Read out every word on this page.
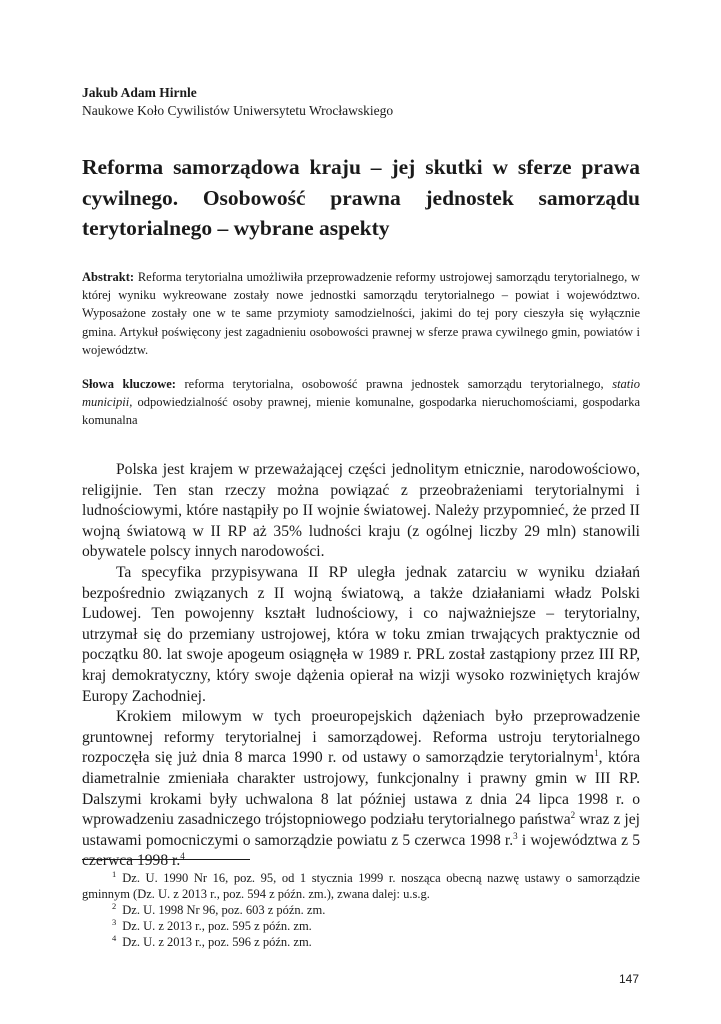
Jakub Adam Hirnle
Naukowe Koło Cywilistów Uniwersytetu Wrocławskiego
Reforma samorządowa kraju – jej skutki w sferze prawa cywilnego. Osobowość prawna jednostek samorządu terytorialnego – wybrane aspekty
Abstrakt: Reforma terytorialna umożliwiła przeprowadzenie reformy ustrojowej samorządu terytorialnego, w której wyniku wykreowane zostały nowe jednostki samorządu terytorialnego – powiat i województwo. Wyposażone zostały one w te same przymioty samodzielności, jakimi do tej pory cieszyła się wyłącznie gmina. Artykuł poświęcony jest zagadnieniu osobowości prawnej w sferze prawa cywilnego gmin, powiatów i województw.
Słowa kluczowe: reforma terytorialna, osobowość prawna jednostek samorządu terytorialnego, statio municipii, odpowiedzialność osoby prawnej, mienie komunalne, gospodarka nieruchomościami, gospodarka komunalna

Polska jest krajem w przeważającej części jednolitym etnicznie, narodowościowo, religijnie. Ten stan rzeczy można powiązać z przeobrażeniami terytorialnymi i ludnościowymi, które nastąpiły po II wojnie światowej. Należy przypomnieć, że przed II wojną światową w II RP aż 35% ludności kraju (z ogólnej liczby 29 mln) stanowili obywatele polscy innych narodowości.

Ta specyfika przypisywana II RP uległa jednak zatarciu w wyniku działań bezpośrednio związanych z II wojną światową, a także działaniami władz Polski Ludowej. Ten powojenny kształt ludnościowy, i co najważniejsze – terytorialny, utrzymał się do przemiany ustrojowej, która w toku zmian trwających praktycznie od początku 80. lat swoje apogeum osiągnęła w 1989 r. PRL został zastąpiony przez III RP, kraj demokratyczny, który swoje dążenia opierał na wizji wysoko rozwiniętych krajów Europy Zachodniej.

Krokiem milowym w tych proeuropejskich dążeniach było przeprowadzenie gruntownej reformy terytorialnej i samorządowej. Reforma ustroju terytorialnego rozpoczęła się już dnia 8 marca 1990 r. od ustawy o samorządzie terytorialnym$^1$, która diametralnie zmieniała charakter ustrojowy, funkcjonalny i prawny gmin w III RP. Dalszymi krokami były uchwalona 8 lat później ustawa z dnia 24 lipca 1998 r. o wprowadzeniu zasadniczego trójstopniowego podziału terytorialnego państwa$^2$ wraz z jej ustawami pomocniczymi o samorządzie powiatu z 5 czerwca 1998 r.$^3$ i województwa z 5 czerwca 1998 r.$^4$

$^1$ Dz. U. 1990 Nr 16, poz. 95, od 1 stycznia 1999 r. nosząca obecną nazwę ustawy o samorządzie gminnym (Dz. U. z 2013 r., poz. 594 z późn. zm.), zwana dalej: u.s.g.
$^2$ Dz. U. 1998 Nr 96, poz. 603 z późn. zm.
$^3$ Dz. U. z 2013 r., poz. 595 z późn. zm.
$^4$ Dz. U. z 2013 r., poz. 596 z późn. zm.
147
